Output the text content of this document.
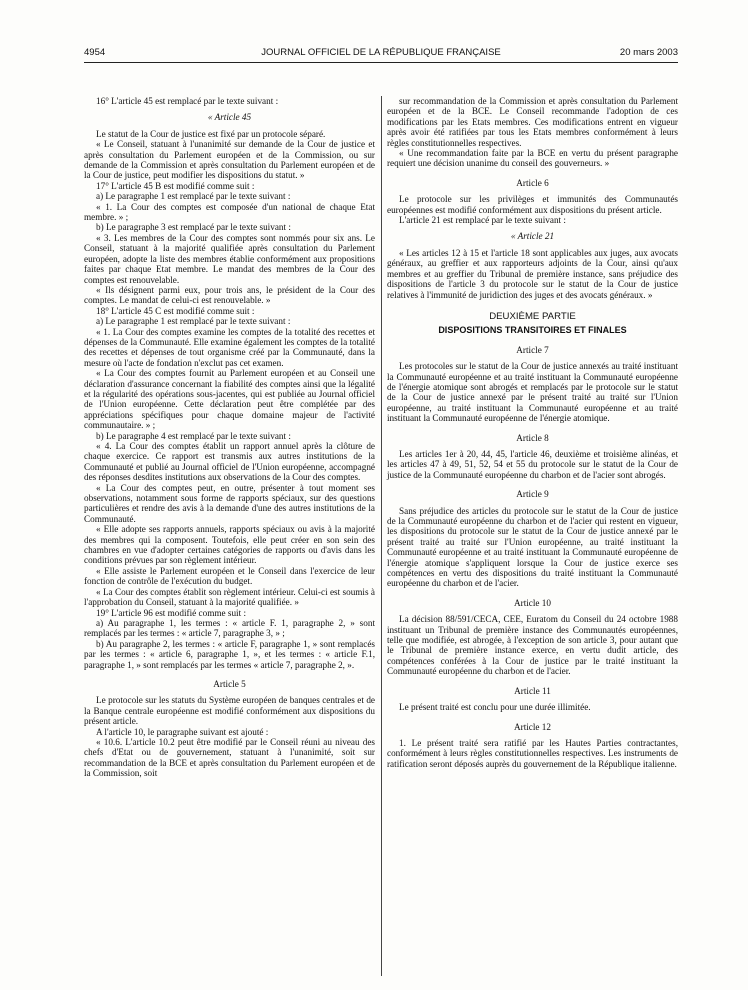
4954	JOURNAL OFFICIEL DE LA RÉPUBLIQUE FRANÇAISE	20 mars 2003

16° L'article 45 est remplacé par le texte suivant :

« Article 45

Le statut de la Cour de justice est fixé par un protocole séparé.

« Le Conseil, statuant à l'unanimité sur demande de la Cour de justice et après consultation du Parlement européen et de la Commission, ou sur demande de la Commission et après consultation du Parlement européen et de la Cour de justice, peut modifier les dispositions du statut. »

17° L'article 45 B est modifié comme suit :

a) Le paragraphe 1 est remplacé par le texte suivant :

« 1. La Cour des comptes est composée d'un national de chaque Etat membre. » ;

b) Le paragraphe 3 est remplacé par le texte suivant :

« 3. Les membres de la Cour des comptes sont nommés pour six ans. Le Conseil, statuant à la majorité qualifiée après consultation du Parlement européen, adopte la liste des membres établie conformément aux propositions faites par chaque Etat membre. Le mandat des membres de la Cour des comptes est renouvelable.

« Ils désignent parmi eux, pour trois ans, le président de la Cour des comptes. Le mandat de celui-ci est renouvelable. »

18° L'article 45 C est modifié comme suit :

a) Le paragraphe 1 est remplacé par le texte suivant :

« 1. La Cour des comptes examine les comptes de la totalité des recettes et dépenses de la Communauté. Elle examine également les comptes de la totalité des recettes et dépenses de tout organisme créé par la Communauté, dans la mesure où l'acte de fondation n'exclut pas cet examen.

« La Cour des comptes fournit au Parlement européen et au Conseil une déclaration d'assurance concernant la fiabilité des comptes ainsi que la légalité et la régularité des opérations sous-jacentes, qui est publiée au Journal officiel de l'Union européenne. Cette déclaration peut être complétée par des appréciations spécifiques pour chaque domaine majeur de l'activité communautaire. » ;

b) Le paragraphe 4 est remplacé par le texte suivant :

« 4. La Cour des comptes établit un rapport annuel après la clôture de chaque exercice. Ce rapport est transmis aux autres institutions de la Communauté et publié au Journal officiel de l'Union européenne, accompagné des réponses desdites institutions aux observations de la Cour des comptes.

« La Cour des comptes peut, en outre, présenter à tout moment ses observations, notamment sous forme de rapports spéciaux, sur des questions particulières et rendre des avis à la demande d'une des autres institutions de la Communauté.

« Elle adopte ses rapports annuels, rapports spéciaux ou avis à la majorité des membres qui la composent. Toutefois, elle peut créer en son sein des chambres en vue d'adopter certaines catégories de rapports ou d'avis dans les conditions prévues par son règlement intérieur.

« Elle assiste le Parlement européen et le Conseil dans l'exercice de leur fonction de contrôle de l'exécution du budget.

« La Cour des comptes établit son règlement intérieur. Celui-ci est soumis à l'approbation du Conseil, statuant à la majorité qualifiée. »

19° L'article 96 est modifié comme suit :

a) Au paragraphe 1, les termes : « article F. 1, paragraphe 2, » sont remplacés par les termes : « article 7, paragraphe 3, » ;

b) Au paragraphe 2, les termes : « article F, paragraphe 1, » sont remplacés par les termes : « article 6, paragraphe 1, », et les termes : « article F.1, paragraphe 1, » sont remplacés par les termes « article 7, paragraphe 2, ».

Article 5

Le protocole sur les statuts du Système européen de banques centrales et de la Banque centrale européenne est modifié conformément aux dispositions du présent article.

A l'article 10, le paragraphe suivant est ajouté :

« 10.6. L'article 10.2 peut être modifié par le Conseil réuni au niveau des chefs d'Etat ou de gouvernement, statuant à l'unanimité, soit sur recommandation de la BCE et après consultation du Parlement européen et de la Commission, soit

sur recommandation de la Commission et après consultation du Parlement européen et de la BCE. Le Conseil recommande l'adoption de ces modifications par les Etats membres. Ces modifications entrent en vigueur après avoir été ratifiées par tous les Etats membres conformément à leurs règles constitutionnelles respectives.

« Une recommandation faite par la BCE en vertu du présent paragraphe requiert une décision unanime du conseil des gouverneurs. »

Article 6

Le protocole sur les privilèges et immunités des Communautés européennes est modifié conformément aux dispositions du présent article.

L'article 21 est remplacé par le texte suivant :

« Article 21

« Les articles 12 à 15 et l'article 18 sont applicables aux juges, aux avocats généraux, au greffier et aux rapporteurs adjoints de la Cour, ainsi qu'aux membres et au greffier du Tribunal de première instance, sans préjudice des dispositions de l'article 3 du protocole sur le statut de la Cour de justice relatives à l'immunité de juridiction des juges et des avocats généraux. »

DEUXIÈME PARTIE

DISPOSITIONS TRANSITOIRES ET FINALES

Article 7

Les protocoles sur le statut de la Cour de justice annexés au traité instituant la Communauté européenne et au traité instituant la Communauté européenne de l'énergie atomique sont abrogés et remplacés par le protocole sur le statut de la Cour de justice annexé par le présent traité au traité sur l'Union européenne, au traité instituant la Communauté européenne et au traité instituant la Communauté européenne de l'énergie atomique.

Article 8

Les articles 1er à 20, 44, 45, l'article 46, deuxième et troisième alinéas, et les articles 47 à 49, 51, 52, 54 et 55 du protocole sur le statut de la Cour de justice de la Communauté européenne du charbon et de l'acier sont abrogés.

Article 9

Sans préjudice des articles du protocole sur le statut de la Cour de justice de la Communauté européenne du charbon et de l'acier qui restent en vigueur, les dispositions du protocole sur le statut de la Cour de justice annexé par le présent traité au traité sur l'Union européenne, au traité instituant la Communauté européenne et au traité instituant la Communauté européenne de l'énergie atomique s'appliquent lorsque la Cour de justice exerce ses compétences en vertu des dispositions du traité instituant la Communauté européenne du charbon et de l'acier.

Article 10

La décision 88/591/CECA, CEE, Euratom du Conseil du 24 octobre 1988 instituant un Tribunal de première instance des Communautés européennes, telle que modifiée, est abrogée, à l'exception de son article 3, pour autant que le Tribunal de première instance exerce, en vertu dudit article, des compétences conférées à la Cour de justice par le traité instituant la Communauté européenne du charbon et de l'acier.

Article 11

Le présent traité est conclu pour une durée illimitée.

Article 12

1. Le présent traité sera ratifié par les Hautes Parties contractantes, conformément à leurs règles constitutionnelles respectives. Les instruments de ratification seront déposés auprès du gouvernement de la République italienne.
